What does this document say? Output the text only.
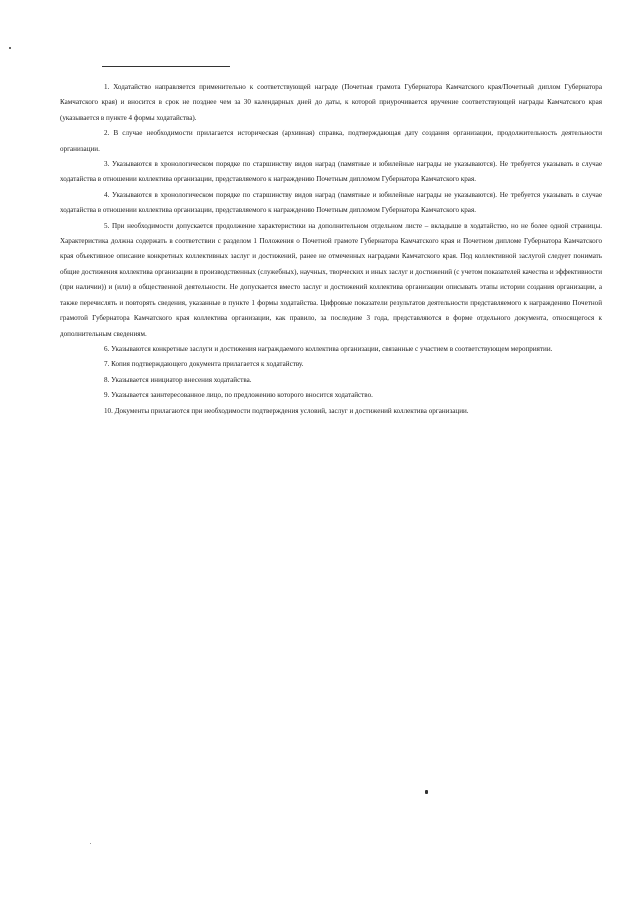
1. Ходатайство направляется применительно к соответствующей награде (Почетная грамота Губернатора Камчатского края/Почетный диплом Губернатора Камчатского края) и вносится в срок не позднее чем за 30 календарных дней до даты, к которой приурочивается вручение соответствующей награды Камчатского края (указывается в пункте 4 формы ходатайства).

2. В случае необходимости прилагается историческая (архивная) справка, подтверждающая дату создания организации, продолжительность деятельности организации.

3. Указываются в хронологическом порядке по старшинству видов наград (памятные и юбилейные награды не указываются). Не требуется указывать в случае ходатайства в отношении коллектива организации, представляемого к награждению Почетным дипломом Губернатора Камчатского края.

4. Указываются в хронологическом порядке по старшинству видов наград (памятные и юбилейные награды не указываются). Не требуется указывать в случае ходатайства в отношении коллектива организации, представляемого к награждению Почетным дипломом Губернатора Камчатского края.

5. При необходимости допускается продолжение характеристики на дополнительном отдельном листе – вкладыше в ходатайство, но не более одной страницы. Характеристика должна содержать в соответствии с разделом 1 Положения о Почетной грамоте Губернатора Камчатского края и Почетном дипломе Губернатора Камчатского края объективное описание конкретных коллективных заслуг и достижений, ранее не отмеченных наградами Камчатского края. Под коллективной заслугой следует понимать общие достижения коллектива организации в производственных (служебных), научных, творческих и иных заслуг и достижений (с учетом показателей качества и эффективности (при наличии)) и (или) в общественной деятельности. Не допускается вместо заслуг и достижений коллектива организации описывать этапы истории создания организации, а также перечислять и повторять сведения, указанные в пункте 1 формы ходатайства. Цифровые показатели результатов деятельности представляемого к награждению Почетной грамотой Губернатора Камчатского края коллектива организации, как правило, за последние 3 года, представляются в форме отдельного документа, относящегося к дополнительным сведениям.

6. Указываются конкретные заслуги и достижения награждаемого коллектива организации, связанные с участием в соответствующем мероприятии.

7. Копия подтверждающего документа прилагается к ходатайству.

8. Указывается инициатор внесения ходатайства.

9. Указывается заинтересованное лицо, по предложению которого вносится ходатайство.

10. Документы прилагаются при необходимости подтверждения условий, заслуг и достижений коллектива организации.
